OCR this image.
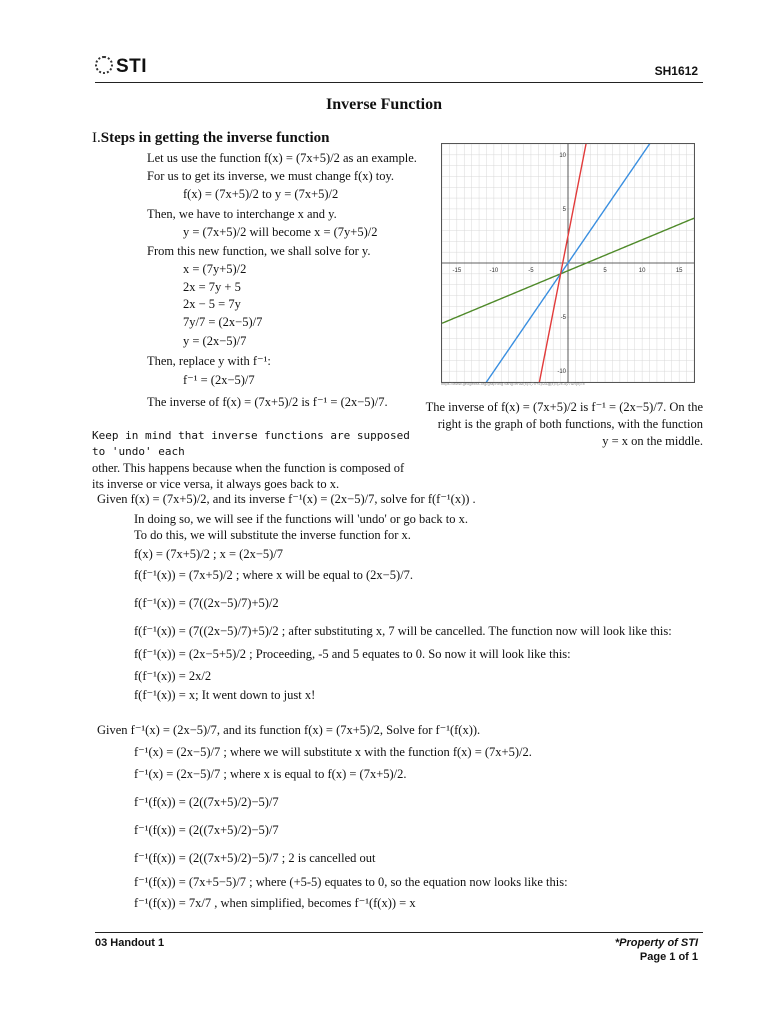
STI	SH1612
Inverse Function
I.Steps in getting the inverse function
Let us use the function f(x) = (7x+5)/2 as an example.
For us to get its inverse, we must change f(x) toy.
f(x) = (7x+5)/2 to y = (7x+5)/2
Then, we have to interchange x and y.
y = (7x+5)/2 will become x = (7y+5)/2
From this new function, we shall solve for y.
x = (7y+5)/2
2x = 7y + 5
2x − 5 = 7y
7y/7 = (2x−5)/7
y = (2x−5)/7
Then, replace y with f⁻¹:
f⁻¹ = (2x−5)/7
The inverse of f(x) = (7x+5)/2 is f⁻¹ = (2x−5)/7.
-15	-10	-5	5	10	15
10
5
-5
-10
https://www.geogebra.org/graphing?lang=en&f(x)=(7x+5)/2&g(x)=(2x-5)/7&h(x)=x
The inverse of f(x) = (7x+5)/2 is f⁻¹ = (2x−5)/7. On the
right is the graph of both functions, with the function
y = x on the middle.
Keep in mind that inverse functions are supposed to 'undo' each
other. This happens because when the function is composed of
its inverse or vice versa, it always goes back to x.
Given f(x) = (7x+5)/2, and its inverse f⁻¹(x) = (2x−5)/7, solve for f(f⁻¹(x)) .
In doing so, we will see if the functions will 'undo' or go back to x.
To do this, we will substitute the inverse function for x.
f(x) = (7x+5)/2 ; x = (2x−5)/7
f(f⁻¹(x)) = (7x+5)/2 ; where x will be equal to (2x−5)/7.
f(f⁻¹(x)) = (7((2x−5)/7)+5)/2
f(f⁻¹(x)) = (7((2x−5)/7)+5)/2 ; after substituting x, 7 will be cancelled. The function now will look like this:
f(f⁻¹(x)) = (2x−5+5)/2 ; Proceeding, -5 and 5 equates to 0. So now it will look like this:
f(f⁻¹(x)) = 2x/2
f(f⁻¹(x)) = x; It went down to just x!
Given f⁻¹(x) = (2x−5)/7, and its function f(x) = (7x+5)/2, Solve for f⁻¹(f(x)).
f⁻¹(x) = (2x−5)/7 ; where we will substitute x with the function f(x) = (7x+5)/2.
f⁻¹(x) = (2x−5)/7 ; where x is equal to f(x) = (7x+5)/2.
f⁻¹(f(x)) = (2((7x+5)/2)−5)/7
f⁻¹(f(x)) = (2((7x+5)/2)−5)/7
f⁻¹(f(x)) = (2((7x+5)/2)−5)/7 ; 2 is cancelled out
f⁻¹(f(x)) = (7x+5−5)/7 ; where (+5-5) equates to 0, so the equation now looks like this:
f⁻¹(f(x)) = 7x/7 , when simplified, becomes f⁻¹(f(x)) = x
03 Handout 1	*Property of STI
Page 1 of 1
